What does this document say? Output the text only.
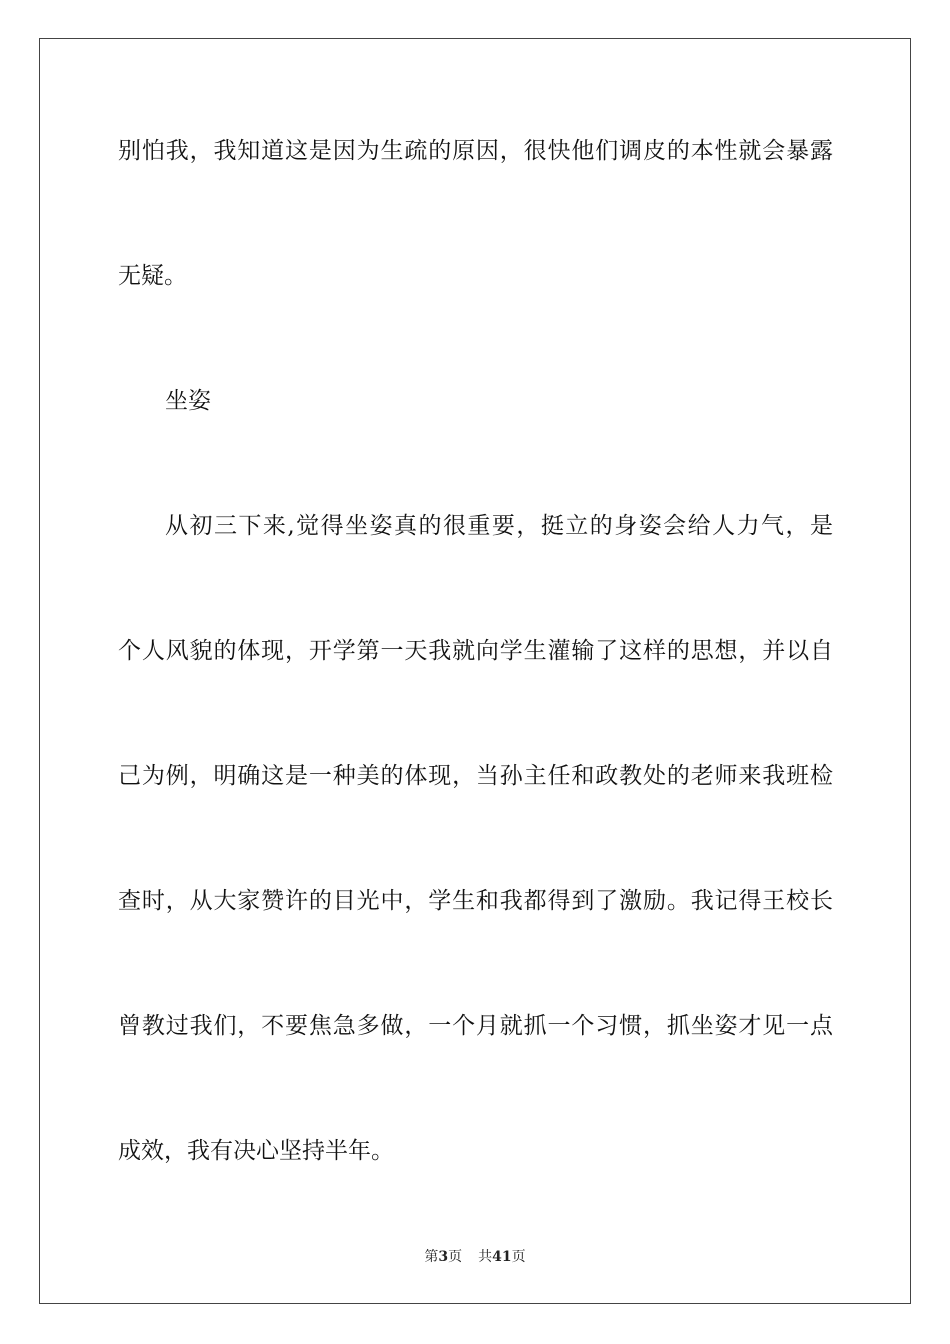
别怕我，我知道这是因为生疏的原因，很快他们调皮的本性就会暴露
无疑。
坐姿
从初三下来,觉得坐姿真的很重要，挺立的身姿会给人力气，是
个人风貌的体现，开学第一天我就向学生灌输了这样的思想，并以自
己为例，明确这是一种美的体现，当孙主任和政教处的老师来我班检
查时，从大家赞许的目光中，学生和我都得到了激励。我记得王校长
曾教过我们，不要焦急多做，一个月就抓一个习惯，抓坐姿才见一点
成效，我有决心坚持半年。
第3页 共41页
